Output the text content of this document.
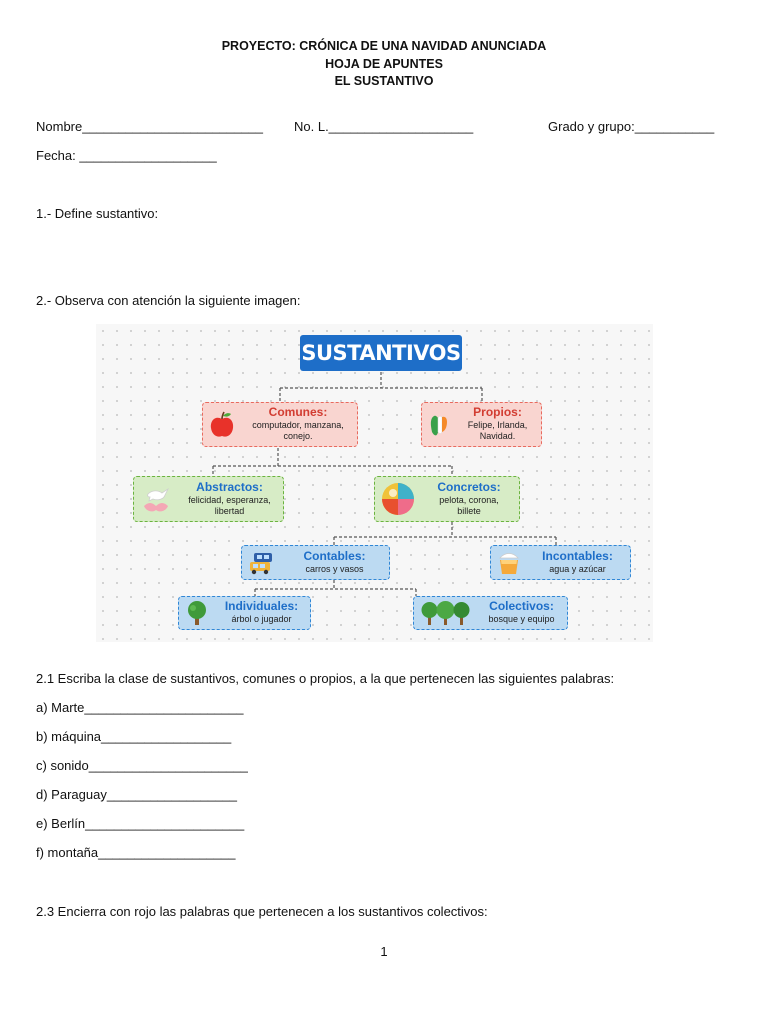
PROYECTO: CRÓNICA DE UNA NAVIDAD ANUNCIADA
HOJA DE APUNTES
EL SUSTANTIVO
Nombre_________________________ No. L.____________________	Grado y grupo:___________
Fecha: ___________________
1.- Define sustantivo:
2.- Observa con atención la siguiente imagen:
SUSTANTIVOS
Comunes:
computador, manzana,
conejo.
Propios:
Felipe, Irlanda,
Navidad.
Abstractos:
felicidad, esperanza,
libertad
Concretos:
pelota, corona,
billete
Contables:
carros y vasos
Incontables:
agua y azúcar
Individuales:
árbol o jugador
Colectivos:
bosque y equipo
2.1 Escriba la clase de sustantivos, comunes o propios, a la que pertenecen las siguientes palabras:
a) Marte______________________
b) máquina__________________
c) sonido______________________
d) Paraguay__________________
e) Berlín______________________
f) montaña___________________
2.3 Encierra con rojo las palabras que pertenecen a los sustantivos colectivos:
1
